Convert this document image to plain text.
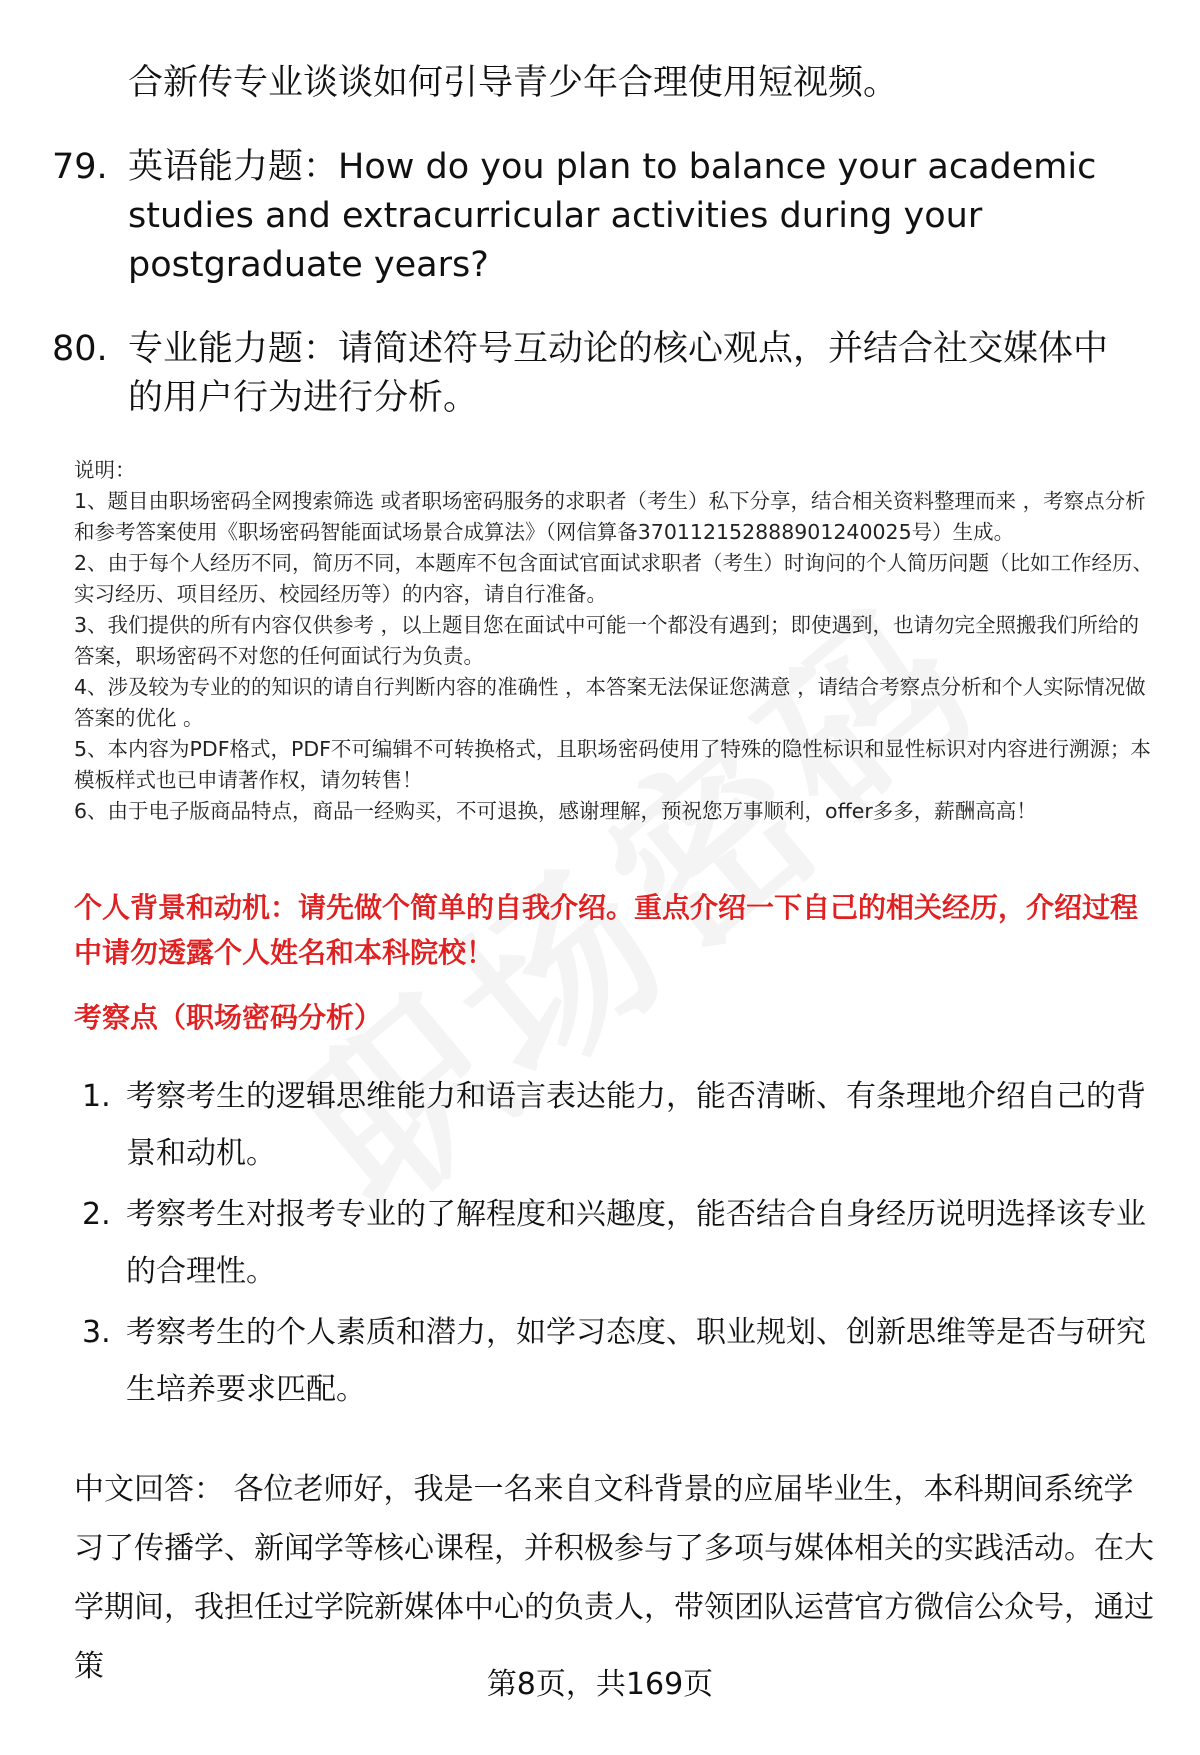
合新传专业谈谈如何引导青少年合理使用短视频。
79. 英语能力题：How do you plan to balance your academic studies and extracurricular activities during your postgraduate years?
80. 专业能力题：请简述符号互动论的核心观点，并结合社交媒体中的用户行为进行分析。

说明：

1、题目由职场密码全网搜索筛选 或者职场密码服务的求职者（考生）私下分享，结合相关资料整理而来 ，考察点分析和参考答案使用《职场密码智能面试场景合成算法》（网信算备370112152888901240025号）生成。

2、由于每个人经历不同，简历不同，本题库不包含面试官面试求职者（考生）时询问的个人简历问题（比如工作经历、实习经历、项目经历、校园经历等）的内容，请自行准备。

3、我们提供的所有内容仅供参考 ，以上题目您在面试中可能一个都没有遇到；即使遇到，也请勿完全照搬我们所给的答案，职场密码不对您的任何面试行为负责。

4、涉及较为专业的的知识的请自行判断内容的准确性 ，本答案无法保证您满意 ，请结合考察点分析和个人实际情况做答案的优化 。

5、本内容为PDF格式，PDF不可编辑不可转换格式，且职场密码使用了特殊的隐性标识和显性标识对内容进行溯源；本模板样式也已申请著作权，请勿转售！

6、由于电子版商品特点，商品一经购买，不可退换，感谢理解，预祝您万事顺利，offer多多，薪酬高高！

个人背景和动机：请先做个简单的自我介绍。重点介绍一下自己的相关经历，介绍过程中请勿透露个人姓名和本科院校！
考察点（职场密码分析）
1. 考察考生的逻辑思维能力和语言表达能力，能否清晰、有条理地介绍自己的背景和动机。
2. 考察考生对报考专业的了解程度和兴趣度，能否结合自身经历说明选择该专业的合理性。
3. 考察考生的个人素质和潜力，如学习态度、职业规划、创新思维等是否与研究生培养要求匹配。
中文回答： 各位老师好，我是一名来自文科背景的应届毕业生，本科期间系统学习了传播学、新闻学等核心课程，并积极参与了多项与媒体相关的实践活动。在大学期间，我担任过学院新媒体中心的负责人，带领团队运营官方微信公众号，通过策
第8页，共169页
